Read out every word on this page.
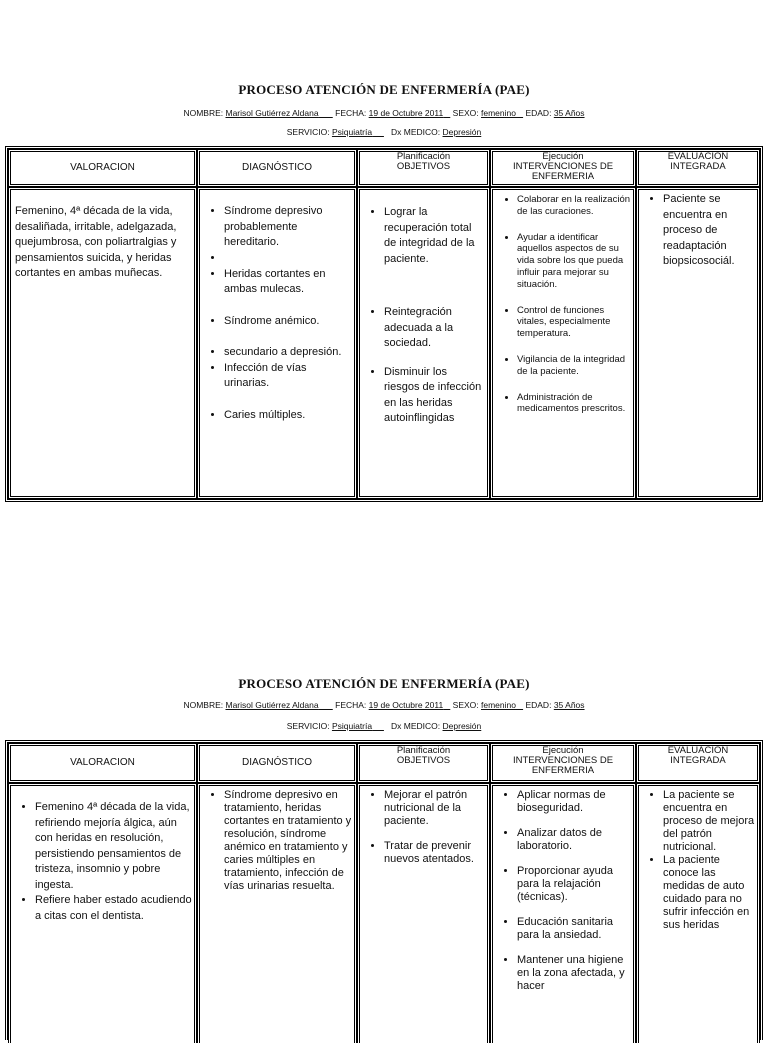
PROCESO ATENCIÓN DE ENFERMERÍA (PAE)
NOMBRE: Marisol Gutiérrez Aldana FECHA: 19 de Octubre 2011 SEXO: femenino EDAD: 35 Años
SERVICIO: Psiquiatría Dx MEDICO: Depresión
VALORACION	DIAGNÓSTICO
Planificación
OBJETIVOS
Ejecución
INTERVENCIONES DE
ENFERMERIA
EVALUACION
INTEGRADA

Femenino, 4ª década de la vida, desaliñada, irritable, adelgazada, quejumbrosa, con poliartralgias y pensamientos suicida, y heridas cortantes en ambas muñecas.

• Síndrome depresivo probablemente hereditario.
•
• Heridas cortantes en ambas mulecas.
• Síndrome anémico.
• secundario a depresión.
• Infección de vías urinarias.
• Caries múltiples.
• Lograr la recuperación total de integridad de la paciente.
• Reintegración adecuada a la sociedad.
• Disminuir los riesgos de infección en las heridas autoinflingidas
• Colaborar en la realización de las curaciones.
• Ayudar a identificar aquellos aspectos de su vida sobre los que pueda influir para mejorar su situación.
• Control de funciones vitales, especialmente temperatura.
• Vigilancia de la integridad de la paciente.
• Administración de medicamentos prescritos.
• Paciente se encuentra en proceso de readaptación biopsicosociál.
PROCESO ATENCIÓN DE ENFERMERÍA (PAE)
NOMBRE: Marisol Gutiérrez Aldana FECHA: 19 de Octubre 2011 SEXO: femenino EDAD: 35 Años
SERVICIO: Psiquiatría Dx MEDICO: Depresión
VALORACION	DIAGNÓSTICO
Planificación
OBJETIVOS
Ejecución
INTERVENCIONES DE
ENFERMERIA
EVALUACION
INTEGRADA
• Femenino 4ª década de la vida, refiriendo mejoría álgica, aún con heridas en resolución, persistiendo pensamientos de tristeza, insomnio y pobre ingesta.
• Refiere haber estado acudiendo a citas con el dentista.
• Síndrome depresivo en tratamiento, heridas cortantes en tratamiento y resolución, síndrome anémico en tratamiento y caries múltiples en tratamiento, infección de vías urinarias resuelta.
• Mejorar el patrón nutricional de la paciente.
• Tratar de prevenir nuevos atentados.
• Aplicar normas de bioseguridad.
• Analizar datos de laboratorio.
• Proporcionar ayuda para la relajación (técnicas).
• Educación sanitaria para la ansiedad.
• Mantener una higiene en la zona afectada, y hacer
• La paciente se encuentra en proceso de mejora del patrón nutricional.
• La paciente conoce las medidas de auto cuidado para no sufrir infección en sus heridas
